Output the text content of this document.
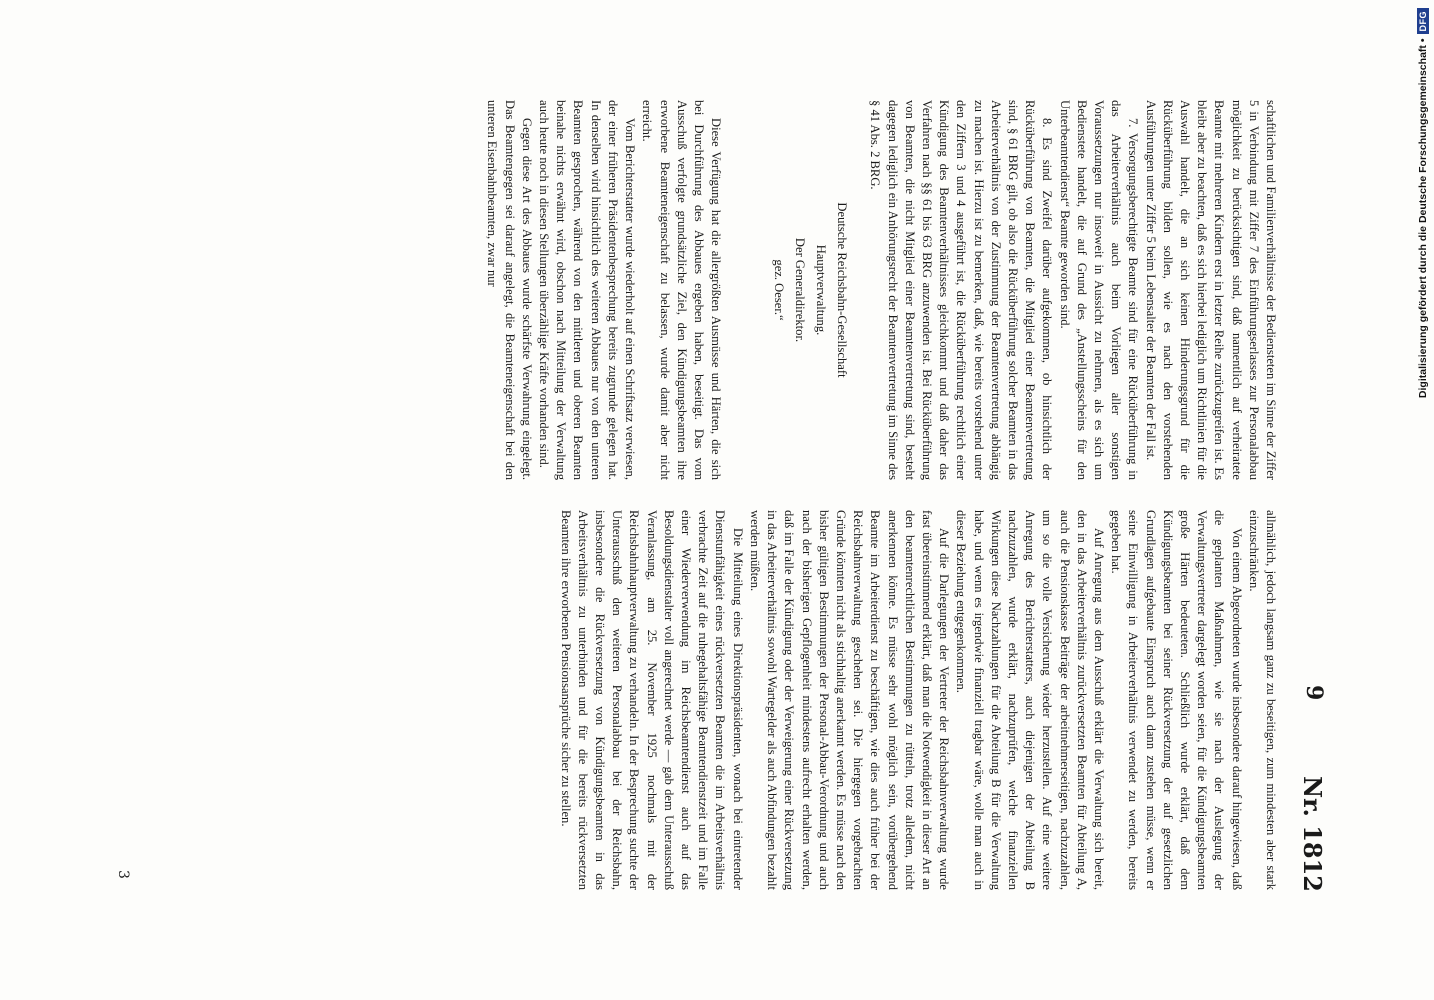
9
Nr. 1812

schaftlichen und Familienverhältnisse der Bediensteten im Sinne der Ziffer 5 in Verbindung mit Ziffer 7 des Einführungserlasses zur Personalabbau möglichkeit zu berücksichtigen sind, daß namentlich auf verheiratete Beamte mit mehreren Kindern erst in letzter Reihe zurückzugreifen ist. Es bleibt aber zu beachten, daß es sich hierbei lediglich um Richtlinien für die Auswahl handelt, die an sich keinen Hinderungsgrund für die Rücküberführung bilden sollen, wie es nach den vorstehenden Ausführungen unter Ziffer 5 beim Lebensalter der Beamten der Fall ist.

7. Versorgungsberechtigte Beamte sind für eine Rücküberführung in das Arbeiterverhältnis auch beim Vorliegen aller sonstigen Voraussetzungen nur insoweit in Aussicht zu nehmen, als es sich um Bedienstete handelt, die auf Grund des „Anstellungsscheins für den Unterbeamtendienst“ Beamte geworden sind.

8. Es sind Zweifel darüber aufgekommen, ob hinsichtlich der Rücküberführung von Beamten, die Mitglied einer Beamtenvertretung sind, § 61 BRG gilt, ob also die Rücküberführung solcher Beamten in das Arbeiterverhältnis von der Zustimmung der Beamtenvertretung abhängig zu machen ist. Hierzu ist zu bemerken, daß, wie bereits vorstehend unter den Ziffern 3 und 4 ausgeführt ist, die Rücküberführung rechtlich einer Kündigung des Beamtenverhältnisses gleichkommt und daß daher das Verfahren nach §§ 61 bis 63 BRG anzuwenden ist. Bei Rücküberführung von Beamten, die nicht Mitglied einer Beamtenvertretung sind, besteht dagegen lediglich ein Anhörungsrecht der Beamtenvertretung im Sinne des § 41 Abs. 2 BRG.

Deutsche Reichsbahn-Gesellschaft

Hauptverwaltung.

Der Generaldirektor.

gez. Oeser.“

Diese Verfügung hat die allergrößten Ausmüsse und Härten, die sich bei Durchführung des Abbaues ergeben haben, beseitigt. Das vom Ausschuß verfolgte grundsätzliche Ziel, den Kündigungsbeamten ihre erworbene Beamteneigenschaft zu belassen, wurde damit aber nicht erreicht.

Vom Berichterstatter wurde wiederholt auf einen Schriftsatz verwiesen, der einer früheren Präsidentenbesprechung bereits zugrunde gelegen hat. In denselben wird hinsichtlich des weiteren Abbaues nur von den unteren Beamten gesprochen, während von den mittleren und oberen Beamten beinahe nichts erwähnt wird, obschon nach Mitteilung der Verwaltung auch heute noch in diesen Stellungen überzählige Kräfte vorhanden sind.

Gegen diese Art des Abbaues wurde schärfste Verwahrung eingelegt. Das Beamtengegen sei darauf angelegt, die Beamteneigenschaft bei den unteren Eisenbahnbeamten, zwar nur

allmählich, jedoch langsam ganz zu beseitigen, zum mindesten aber stark einzuschränken.

Von einem Abgeordneten wurde insbesondere darauf hingewiesen, daß die geplanten Maßnahmen, wie sie nach der Auslegung der Verwaltungsvertreter dargelegt worden seien, für die Kündigungsbeamten große Härten bedeuteten. Schließlich wurde erklärt, daß dem Kündigungsbeamten bei seiner Rückversetzung der auf gesetzlichen Grundlagen aufgebaute Einspruch auch dann zustehen müsse, wenn er seine Einwilligung in Arbeiterverhältnis verwendet zu werden, bereits gegeben hat.

Auf Anregung aus dem Ausschuß erklärt die Verwaltung sich bereit, den in das Arbeiterverhältnis zurückversetzten Beamten für Abteilung A, auch die Pensionskasse Beiträge der arbeitnehmerseitigen, nachzuzahlen, um so die volle Versicherung wieder herzustellen. Auf eine weitere Anregung des Berichterstatters, auch diejenigen der Abteilung B nachzuzahlen, wurde erklärt, nachzuprüfen, welche finanziellen Wirkungen diese Nachzahlungen für die Abteilung B für die Verwaltung habe, und wenn es irgendwie finanziell tragbar wäre, wolle man auch in dieser Beziehung entgegenkommen.

Auf die Darlegungen der Vertreter der Reichsbahnverwaltung wurde fast übereinstimmend erklärt, daß man die Notwendigkeit in dieser Art an den beamtenrechtlichen Bestimmungen zu rütteln, trotz alledem, nicht anerkennen könne. Es müsse sehr wohl möglich sein, vorübergehend Beamte im Arbeiterdienst zu beschäftigen, wie dies auch früher bei der Reichsbahnverwaltung geschehen sei. Die hiergegen vorgebrachten Gründe könnten nicht als stichhaltig anerkannt werden. Es müsse nach den bisher gültigen Bestimmungen der Personal-Abbau-Verordnung und auch nach der bisherigen Gepflogenheit mindestens aufrecht erhalten werden, daß im Falle der Kündigung oder der Verweigerung einer Rückversetzung in das Arbeiterverhältnis sowohl Wartegelder als auch Abfindungen bezahlt werden müßten.

Die Mitteilung eines Direktionspräsidenten, wonach bei eintretender Dienstunfähigkeit eines rückversetzten Beamten die im Arbeitsverhältnis verbrachte Zeit auf die ruhegehaltsfähige Beamtendienstzeit und im Falle einer Wiederverwendung im Reichsbeamtendienst auch auf das Besoldungsdienstalter voll angerechnet werde — gab dem Unterausschuß Veranlassung, am 25. November 1925 nochmals mit der Reichsbahnhauptverwaltung zu verhandeln. In der Besprechung suchte der Unterausschuß den weiteren Personalabbau bei der Reichsbahn, insbesondere die Rückversetzung von Kündigungsbeamten in das Arbeitsverhältnis zu unterbinden und für die bereits rückversetzten Beamten ihre erworbenen Pensionsansprüche sicher zu stellen.

3
Digitalisierung gefördert durch die Deutsche Forschungsgemeinschaft •
DFG
